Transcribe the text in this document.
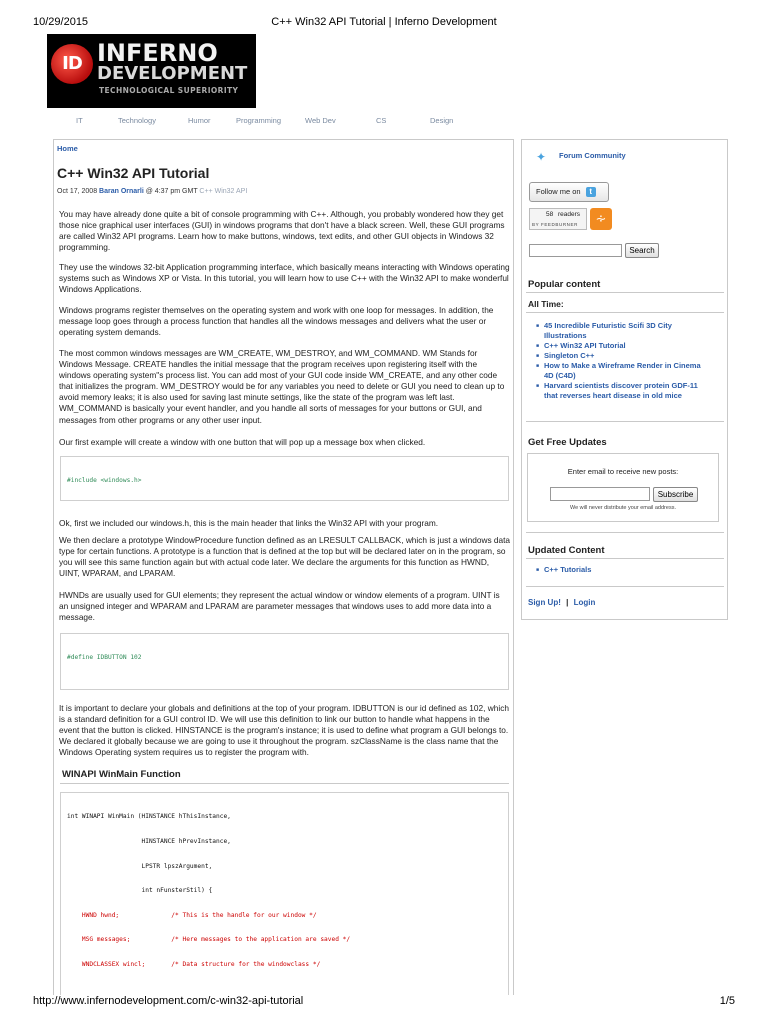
10/29/2015	C++ Win32 API Tutorial | Inferno Development
ID INFERNO
DEVELOPMENT
TECHNOLOGICAL SUPERIORITY
IT	Technology	Humor	Programming	Web Dev	CS	Design
Home
C++ Win32 API Tutorial
Oct 17, 2008 Baran Ornarli @ 4:37 pm GMT C++ Win32 API
You may have already done quite a bit of console programming with C++. Although, you probably wondered how they get those nice graphical user interfaces (GUI) in windows programs that don't have a black screen. Well, these GUI programs are called Win32 API programs. Learn how to make buttons, windows, text edits, and other GUI objects in Windows 32 programming.
They use the windows 32-bit Application programming interface, which basically means interacting with Windows operating systems such as Windows XP or Vista. In this tutorial, you will learn how to use C++ with the Win32 API to make wonderful Windows Applications.
Windows programs register themselves on the operating system and work with one loop for messages. In addition, the message loop goes through a process function that handles all the windows messages and delivers what the user or operating system demands.
The most common windows messages are WM_CREATE, WM_DESTROY, and WM_COMMAND. WM Stands for Windows Message. CREATE handles the initial message that the program receives upon registering itself with the windows operating system"s process list. You can add most of your GUI code inside WM_CREATE, and any other code that initializes the program. WM_DESTROY would be for any variables you need to delete or GUI you need to clean up to avoid memory leaks; it is also used for saving last minute settings, like the state of the program was left last. WM_COMMAND is basically your event handler, and you handle all sorts of messages for your buttons or GUI, and messages from other programs or any other user input.
Our first example will create a window with one button that will pop up a message box when clicked.

#include <windows.h>

Ok, first we included our windows.h, this is the main header that links the Win32 API with your program.
We then declare a prototype WindowProcedure function defined as an LRESULT CALLBACK, which is just a windows data type for certain functions. A prototype is a function that is defined at the top but will be declared later on in the program, so you will see this same function again but with actual code later. We declare the arguments for this function as HWND, UINT, WPARAM, and LPARAM.
HWNDs are usually used for GUI elements; they represent the actual window or window elements of a program. UINT is an unsigned integer and WPARAM and LPARAM are parameter messages that windows uses to add more data into a message.

#define IDBUTTON 102

It is important to declare your globals and definitions at the top of your program. IDBUTTON is our id defined as 102, which is a standard definition for a GUI control ID. We will use this definition to link our button to handle what happens in the event that the button is clicked. HINSTANCE is the program's instance; it is used to define what program a GUI belongs to. We declared it globally because we are going to use it throughout the program. szClassName is the class name that the Windows Operating system requires us to register the program with.
WINAPI WinMain Function

int WINAPI WinMain (HINSTANCE hThisInstance,

HINSTANCE hPrevInstance,

LPSTR lpszArgument,

int nFunsterStil) {

HWND hwnd;              /* This is the handle for our window */

MSG messages;           /* Here messages to the application are saved */

WNDCLASSEX wincl;       /* Data structure for the windowclass */

✦ Forum Community
Follow me on t
58 readers
BY FEEDBURNER	∻
Search
Popular content
All Time:
■ 45 Incredible Futuristic Scifi 3D City Illustrations
■ C++ Win32 API Tutorial
■ Singleton C++
■ How to Make a Wireframe Render in Cinema 4D (C4D)
■ Harvard scientists discover protein GDF-11 that reverses heart disease in old mice
Get Free Updates
Enter email to receive new posts:
Subscribe
We will never distribute your email address.
Updated Content
■ C++ Tutorials
Sign Up! | Login
http://www.infernodevelopment.com/c-win32-api-tutorial	1/5
